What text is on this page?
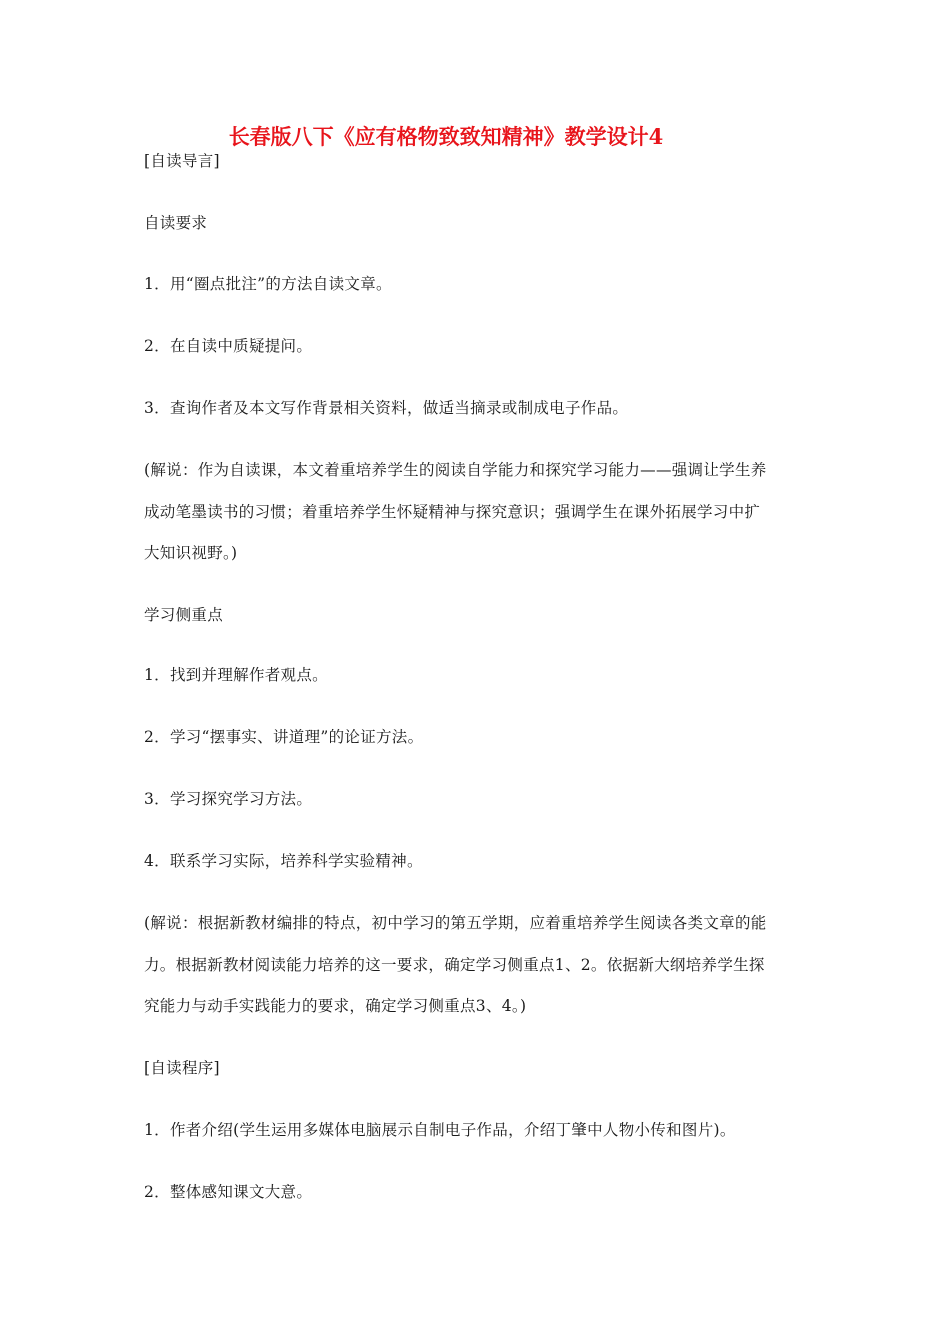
长春版八下《应有格物致致知精神》教学设计4
[自读导言]
自读要求
1．用“圈点批注”的方法自读文章。
2．在自读中质疑提问。
3．查询作者及本文写作背景相关资料，做适当摘录或制成电子作品。
(解说：作为自读课，本文着重培养学生的阅读自学能力和探究学习能力——强调让学生养
成动笔墨读书的习惯；着重培养学生怀疑精神与探究意识；强调学生在课外拓展学习中扩
大知识视野。)
学习侧重点
1．找到并理解作者观点。
2．学习“摆事实、讲道理”的论证方法。
3．学习探究学习方法。
4．联系学习实际，培养科学实验精神。
(解说：根据新教材编排的特点，初中学习的第五学期，应着重培养学生阅读各类文章的能
力。根据新教材阅读能力培养的这一要求，确定学习侧重点1、2。依据新大纲培养学生探
究能力与动手实践能力的要求，确定学习侧重点3、4。)
[自读程序]
1．作者介绍(学生运用多媒体电脑展示自制电子作品，介绍丁肇中人物小传和图片)。
2．整体感知课文大意。
